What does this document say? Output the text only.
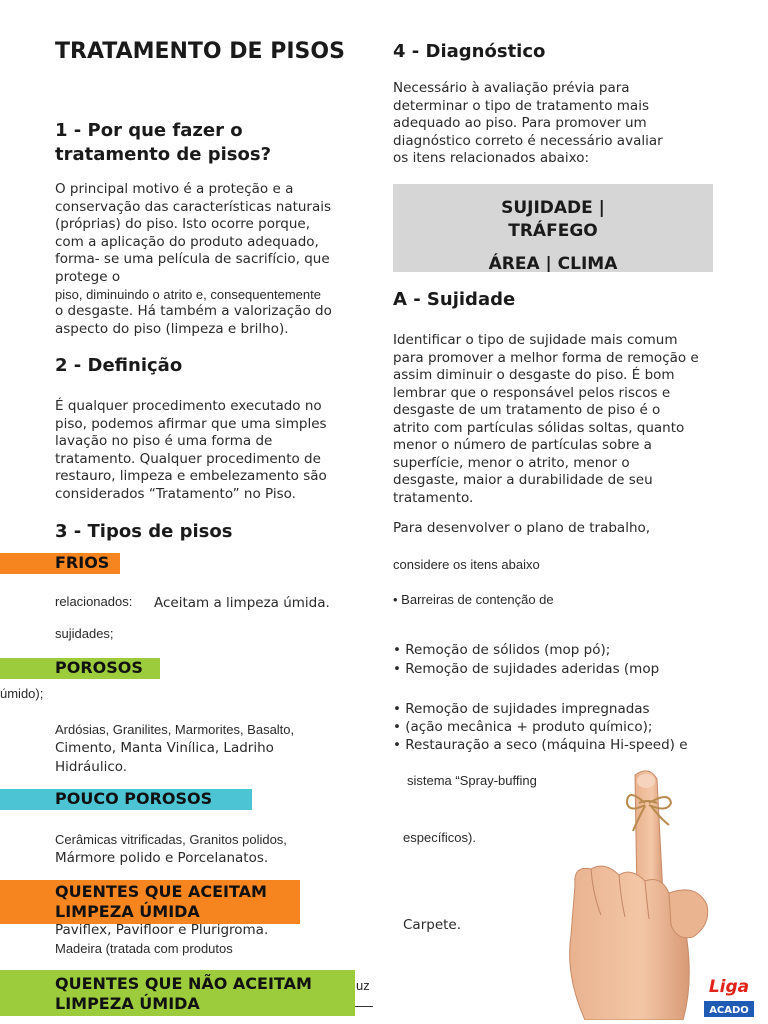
TRATAMENTO DE PISOS
1 - Por que fazer o tratamento de pisos?
O principal motivo é a proteção e a
conservação das características naturais
(próprias) do piso. Isto ocorre porque,
com a aplicação do produto adequado,
forma- se uma película de sacrifício, que
protege o
piso, diminuindo o atrito e, consequentemente
o desgaste. Há também a valorização do
aspecto do piso (limpeza e brilho).
2 - Definição
É qualquer procedimento executado no
piso, podemos afirmar que uma simples
lavação no piso é uma forma de
tratamento. Qualquer procedimento de
restauro, limpeza e embelezamento são
considerados “Tratamento” no Piso.
3 - Tipos de pisos
FRIOS
relacionados: Aceitam a limpeza úmida.
sujidades;
POROSOS
úmido);
Ardósias, Granilites, Marmorites, Basalto,
Cimento, Manta Vinílica, Ladriho
Hidráulico.
POUCO POROSOS
Cerâmicas vitrificadas, Granitos polidos,
Mármore polido e Porcelanatos.
QUENTES QUE ACEITAM
LIMPEZA ÚMIDA
Paviflex, Pavifloor e Plurigroma.
Madeira (tratada com produtos
QUENTES QUE NÃO ACEITAM
LIMPEZA ÚMIDA
uz
4 - Diagnóstico
Necessário à avaliação prévia para
determinar o tipo de tratamento mais
adequado ao piso. Para promover um
diagnóstico correto é necessário avaliar
os itens relacionados abaixo:
SUJIDADE |
TRÁFEGO
ÁREA | CLIMA
A - Sujidade
Identificar o tipo de sujidade mais comum
para promover a melhor forma de remoção e
assim diminuir o desgaste do piso. É bom
lembrar que o responsável pelos riscos e
desgaste de um tratamento de piso é o
atrito com partículas sólidas soltas, quanto
menor o número de partículas sobre a
superfície, menor o atrito, menor o
desgaste, maior a durabilidade de seu
tratamento.
Para desenvolver o plano de trabalho,
considere os itens abaixo
• Barreiras de contenção de
• Remoção de sólidos (mop pó);
• Remoção de sujidades aderidas (mop
• Remoção de sujidades impregnadas
• (ação mecânica + produto químico);
• Restauração a seco (máquina Hi-speed) e
sistema “Spray-buffing
específicos).
Carpete.
Liga
ACADO
